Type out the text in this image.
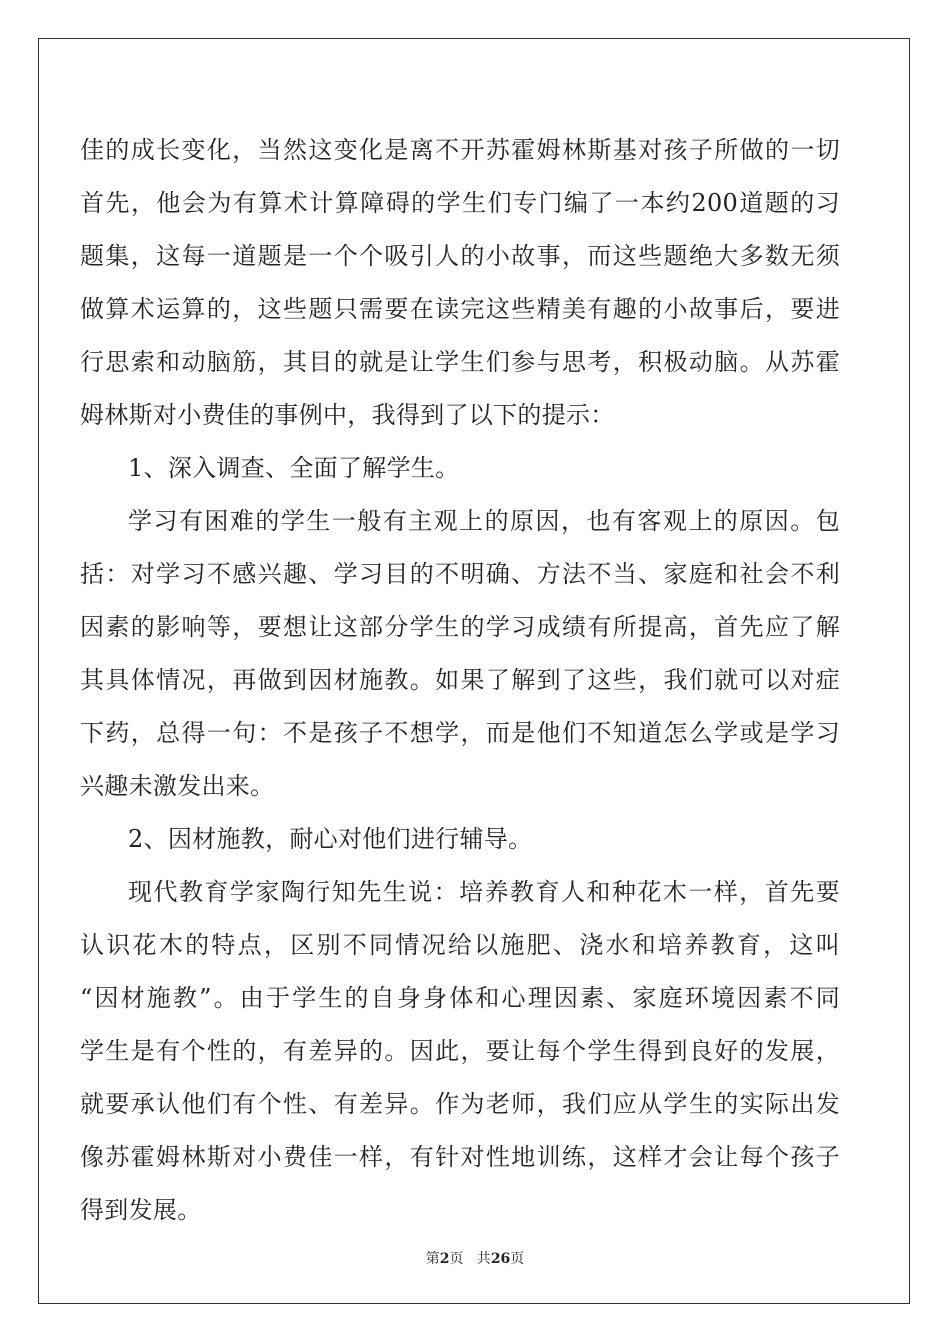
佳的成长变化，当然这变化是离不开苏霍姆林斯基对孩子所做的一切
首先，他会为有算术计算障碍的学生们专门编了一本约200道题的习
题集，这每一道题是一个个吸引人的小故事，而这些题绝大多数无须
做算术运算的，这些题只需要在读完这些精美有趣的小故事后，要进
行思索和动脑筋，其目的就是让学生们参与思考，积极动脑。从苏霍
姆林斯对小费佳的事例中，我得到了以下的提示：
1、深入调查、全面了解学生。
学习有困难的学生一般有主观上的原因，也有客观上的原因。包
括：对学习不感兴趣、学习目的不明确、方法不当、家庭和社会不利
因素的影响等，要想让这部分学生的学习成绩有所提高，首先应了解
其具体情况，再做到因材施教。如果了解到了这些，我们就可以对症
下药，总得一句：不是孩子不想学，而是他们不知道怎么学或是学习
兴趣未激发出来。
2、因材施教，耐心对他们进行辅导。
现代教育学家陶行知先生说：培养教育人和种花木一样，首先要
认识花木的特点，区别不同情况给以施肥、浇水和培养教育，这叫
“因材施教”。由于学生的自身身体和心理因素、家庭环境因素不同
学生是有个性的，有差异的。因此，要让每个学生得到良好的发展，
就要承认他们有个性、有差异。作为老师，我们应从学生的实际出发
像苏霍姆林斯对小费佳一样，有针对性地训练，这样才会让每个孩子
得到发展。
第2页   共26页
